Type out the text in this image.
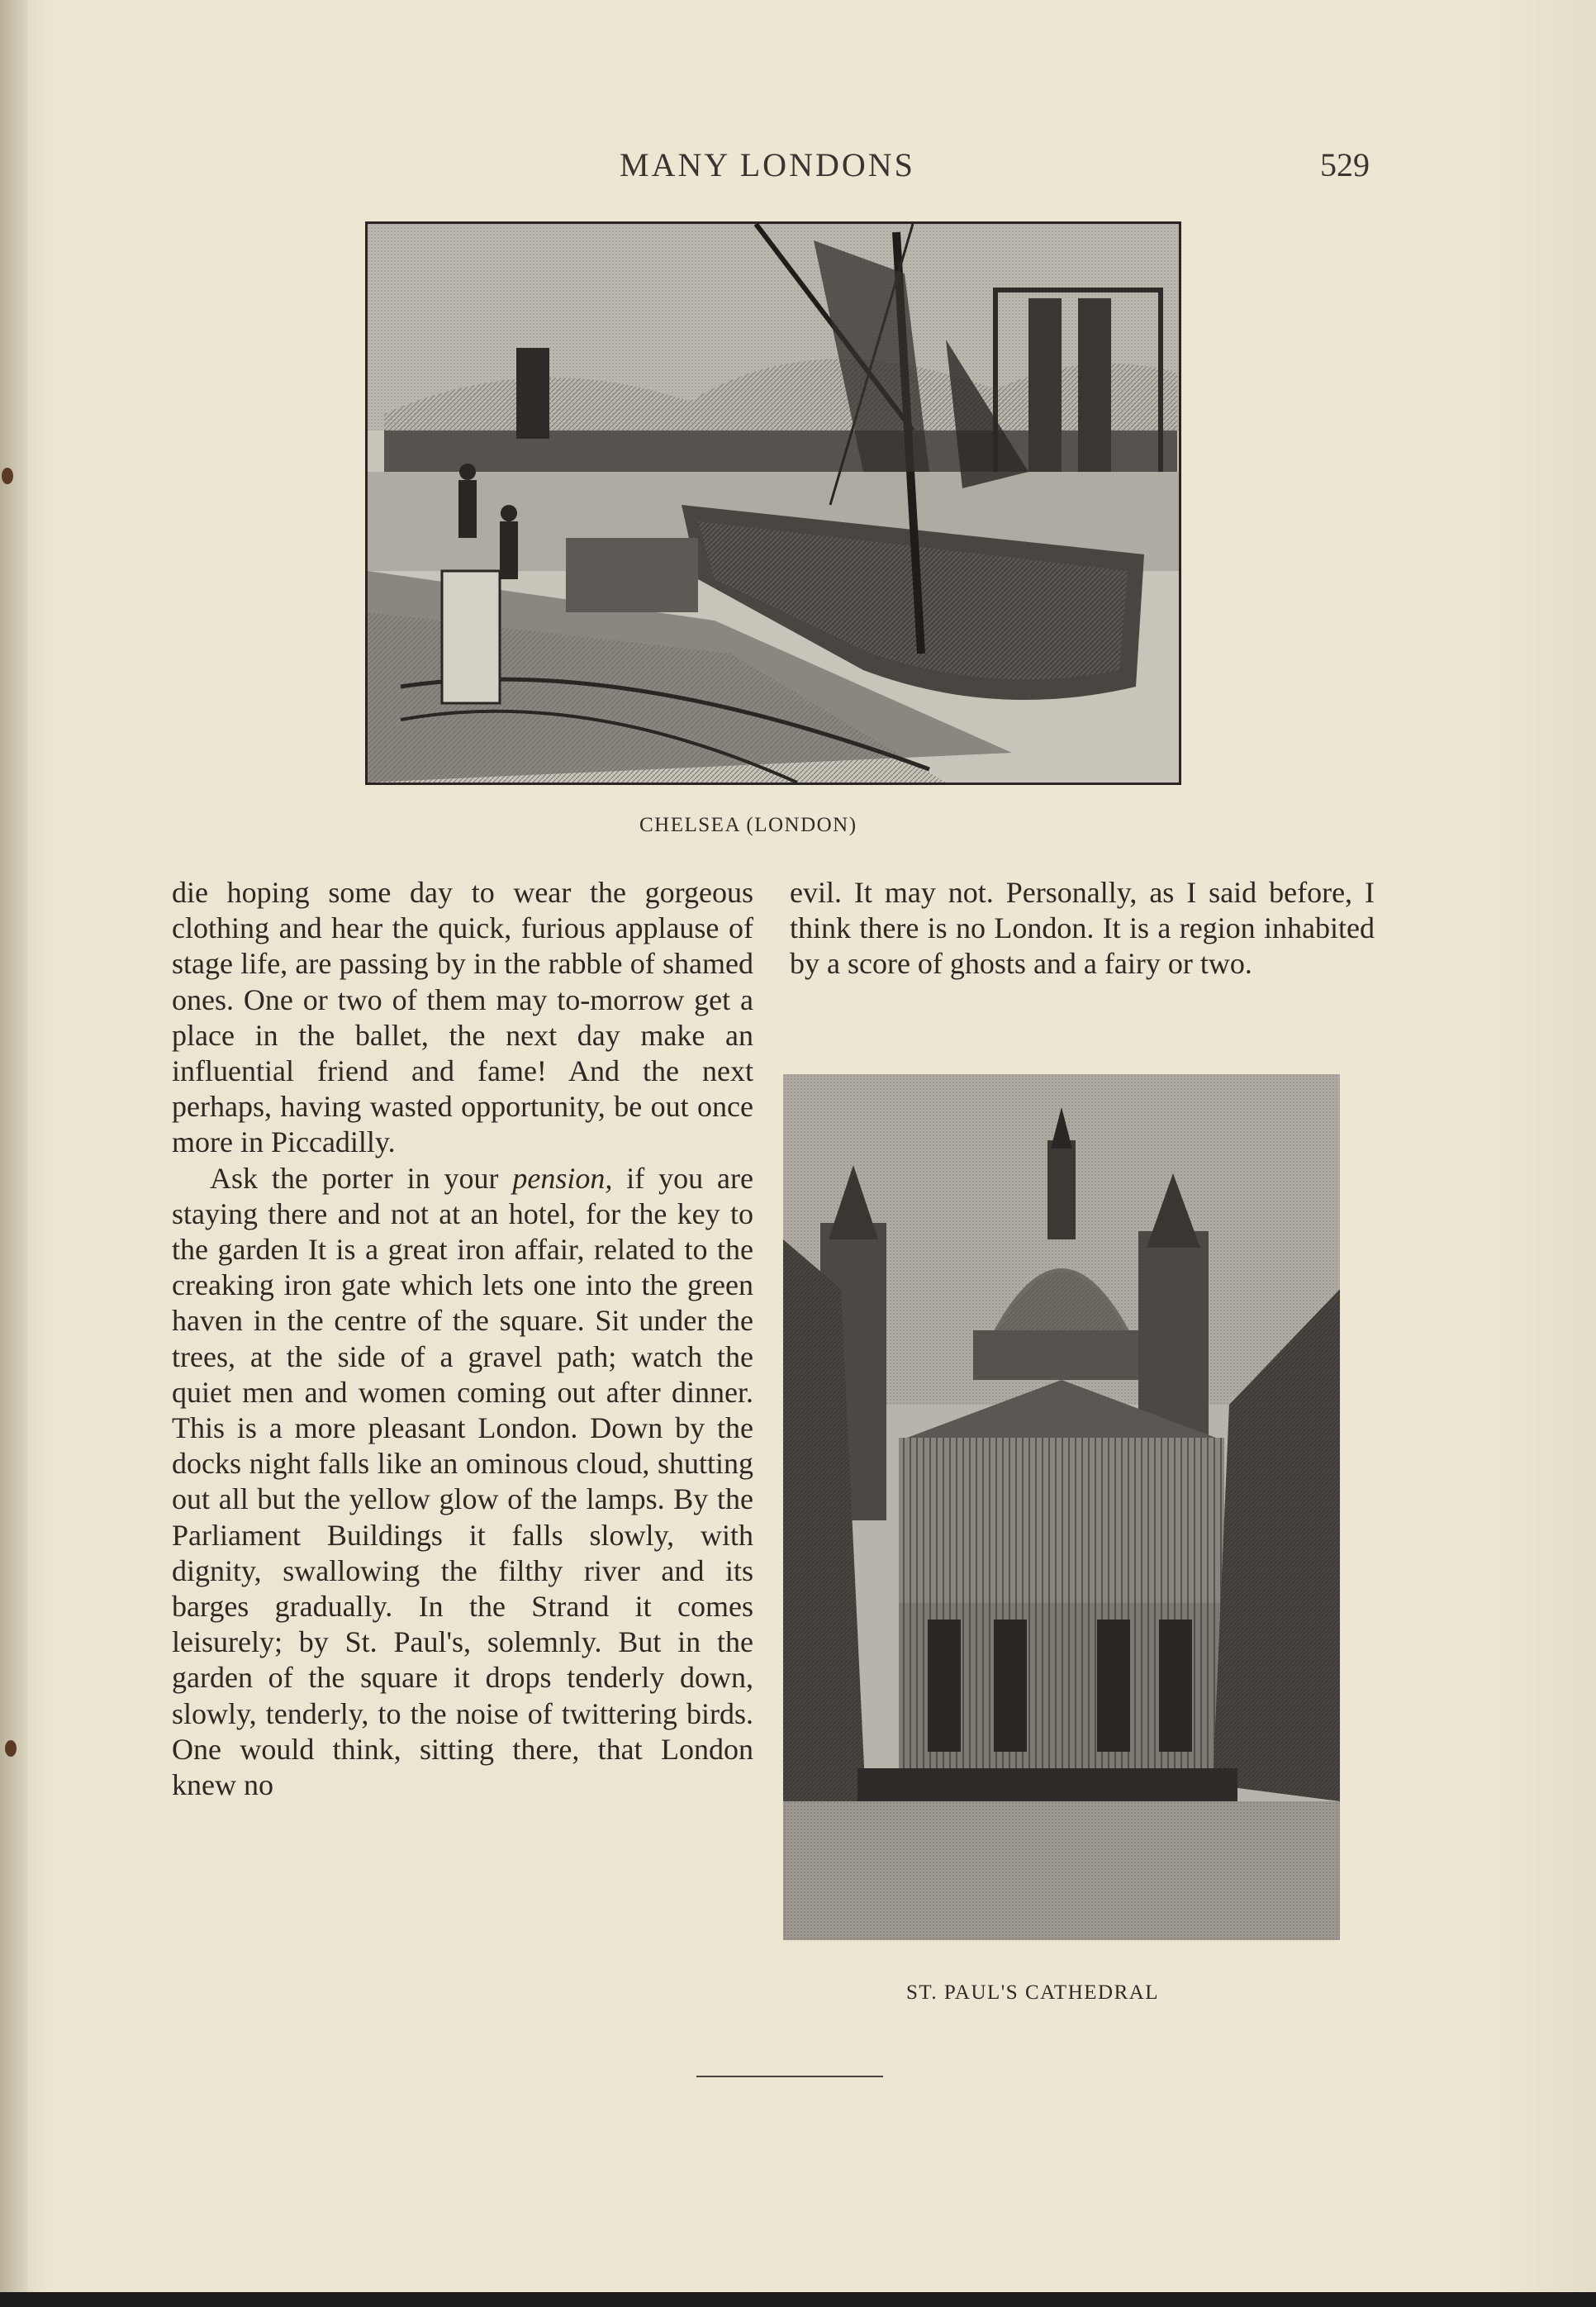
MANY LONDONS	529
CHELSEA (LONDON)
ST. PAUL'S CATHEDRAL

die hoping some day to wear the gorgeous clothing and hear the quick, furious applause of stage life, are passing by in the rabble of shamed ones. One or two of them may to-morrow get a place in the ballet, the next day make an influential friend and fame! And the next perhaps, having wasted opportunity, be out once more in Piccadilly.

Ask the porter in your pension, if you are staying there and not at an hotel, for the key to the garden It is a great iron affair, related to the creaking iron gate which lets one into the green haven in the centre of the square. Sit under the trees, at the side of a gravel path; watch the quiet men and women coming out after dinner. This is a more pleasant London. Down by the docks night falls like an ominous cloud, shutting out all but the yellow glow of the lamps. By the Parliament Buildings it falls slowly, with dignity, swallowing the filthy river and its barges gradually. In the Strand it comes leisurely; by St. Paul's, solemnly. But in the garden of the square it drops tenderly down, slowly, tenderly, to the noise of twittering birds. One would think, sitting there, that London knew no

evil. It may not. Personally, as I said before, I think there is no London. It is a region inhabited by a score of ghosts and a fairy or two.
